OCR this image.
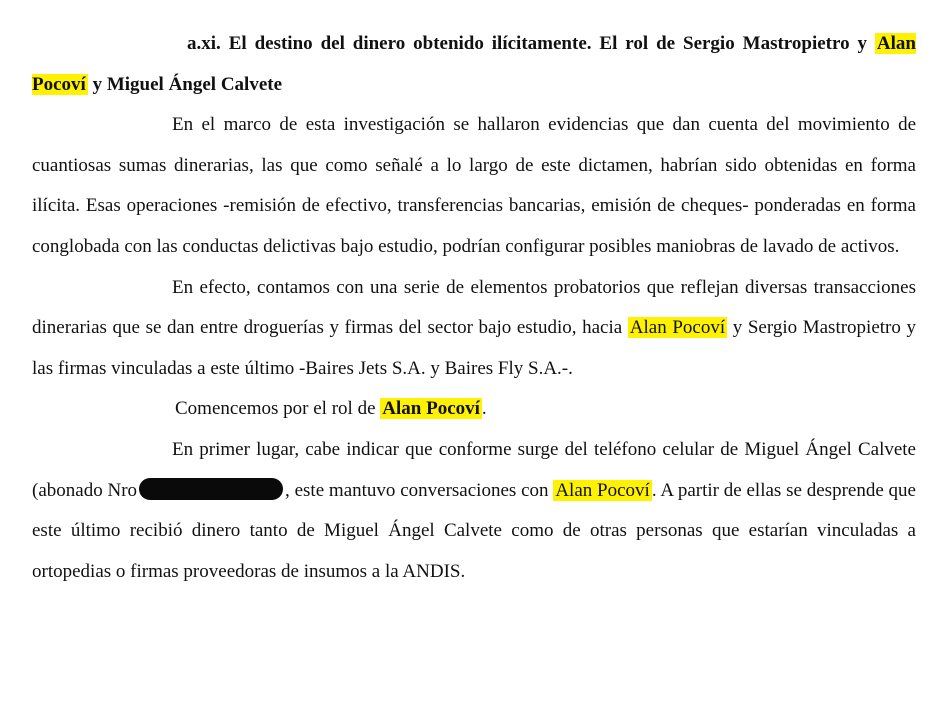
a.xi. El destino del dinero obtenido ilícitamente. El rol de Sergio Mastropietro y Alan Pocoví y Miguel Ángel Calvete

En el marco de esta investigación se hallaron evidencias que dan cuenta del movimiento de cuantiosas sumas dinerarias, las que como señalé a lo largo de este dictamen, habrían sido obtenidas en forma ilícita. Esas operaciones -remisión de efectivo, transferencias bancarias, emisión de cheques- ponderadas en forma conglobada con las conductas delictivas bajo estudio, podrían configurar posibles maniobras de lavado de activos.

En efecto, contamos con una serie de elementos probatorios que reflejan diversas transacciones dinerarias que se dan entre droguerías y firmas del sector bajo estudio, hacia Alan Pocoví y Sergio Mastropietro y las firmas vinculadas a este último -Baires Jets S.A. y Baires Fly S.A.-.

Comencemos por el rol de Alan Pocoví .

En primer lugar, cabe indicar que conforme surge del teléfono celular de Miguel Ángel Calvete (abonado Nro	, este mantuvo conversaciones con Alan Pocoví . A partir de ellas se desprende que este último recibió dinero tanto de Miguel Ángel Calvete como de otras personas que estarían vinculadas a ortopedias o firmas proveedoras de insumos a la ANDIS.
